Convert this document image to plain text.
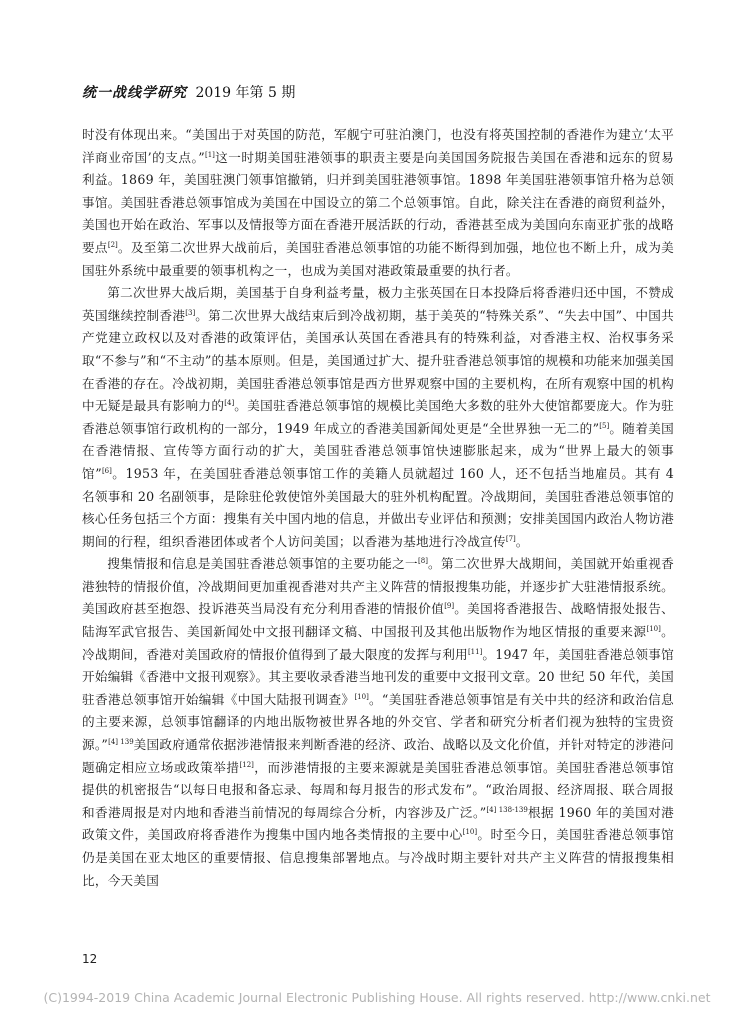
统一战线学研究 2019 年第 5 期

时没有体现出来。“美国出于对英国的防范，军舰宁可驻泊澳门，也没有将英国控制的香港作为建立‘太平洋商业帝国’的支点。”[1]这一时期美国驻港领事的职责主要是向美国国务院报告美国在香港和远东的贸易利益。1869 年，美国驻澳门领事馆撤销，归并到美国驻港领事馆。1898 年美国驻港领事馆升格为总领事馆。美国驻香港总领事馆成为美国在中国设立的第二个总领事馆。自此，除关注在香港的商贸利益外，美国也开始在政治、军事以及情报等方面在香港开展活跃的行动，香港甚至成为美国向东南亚扩张的战略要点[2]。及至第二次世界大战前后，美国驻香港总领事馆的功能不断得到加强，地位也不断上升，成为美国驻外系统中最重要的领事机构之一，也成为美国对港政策最重要的执行者。

第二次世界大战后期，美国基于自身利益考量，极力主张英国在日本投降后将香港归还中国，不赞成英国继续控制香港[3]。第二次世界大战结束后到冷战初期，基于美英的“特殊关系”、“失去中国”、中国共产党建立政权以及对香港的政策评估，美国承认英国在香港具有的特殊利益，对香港主权、治权事务采取“不参与”和“不主动”的基本原则。但是，美国通过扩大、提升驻香港总领事馆的规模和功能来加强美国在香港的存在。冷战初期，美国驻香港总领事馆是西方世界观察中国的主要机构，在所有观察中国的机构中无疑是最具有影响力的[4]。美国驻香港总领事馆的规模比美国绝大多数的驻外大使馆都要庞大。作为驻香港总领事馆行政机构的一部分，1949 年成立的香港美国新闻处更是“全世界独一无二的”[5]。随着美国在香港情报、宣传等方面行动的扩大，美国驻香港总领事馆快速膨胀起来，成为“世界上最大的领事馆”[6]。1953 年，在美国驻香港总领事馆工作的美籍人员就超过 160 人，还不包括当地雇员。其有 4 名领事和 20 名副领事，是除驻伦敦使馆外美国最大的驻外机构配置。冷战期间，美国驻香港总领事馆的核心任务包括三个方面：搜集有关中国内地的信息，并做出专业评估和预测；安排美国国内政治人物访港期间的行程，组织香港团体或者个人访问美国；以香港为基地进行冷战宣传[7]。

搜集情报和信息是美国驻香港总领事馆的主要功能之一[8]。第二次世界大战期间，美国就开始重视香港独特的情报价值，冷战期间更加重视香港对共产主义阵营的情报搜集功能，并逐步扩大驻港情报系统。美国政府甚至抱怨、投诉港英当局没有充分利用香港的情报价值[9]。美国将香港报告、战略情报处报告、陆海军武官报告、美国新闻处中文报刊翻译文稿、中国报刊及其他出版物作为地区情报的重要来源[10]。冷战期间，香港对美国政府的情报价值得到了最大限度的发挥与利用[11]。1947 年，美国驻香港总领事馆开始编辑《香港中文报刊观察》。其主要收录香港当地刊发的重要中文报刊文章。20 世纪 50 年代，美国驻香港总领事馆开始编辑《中国大陆报刊调查》[10]。“美国驻香港总领事馆是有关中共的经济和政治信息的主要来源，总领事馆翻译的内地出版物被世界各地的外交官、学者和研究分析者们视为独特的宝贵资源。”$^{[4] 139}$美国政府通常依据涉港情报来判断香港的经济、政治、战略以及文化价值，并针对特定的涉港问题确定相应立场或政策举措[12]，而涉港情报的主要来源就是美国驻香港总领事馆。美国驻香港总领事馆提供的机密报告“以每日电报和备忘录、每周和每月报告的形式发布”。“政治周报、经济周报、联合周报和香港周报是对内地和香港当前情况的每周综合分析，内容涉及广泛。”$^{[4] 138-139}$根据 1960 年的美国对港政策文件，美国政府将香港作为搜集中国内地各类情报的主要中心[10]。时至今日，美国驻香港总领事馆仍是美国在亚太地区的重要情报、信息搜集部署地点。与冷战时期主要针对共产主义阵营的情报搜集相比，今天美国

12
(C)1994-2019 China Academic Journal Electronic Publishing House. All rights reserved. http://www.cnki.net
